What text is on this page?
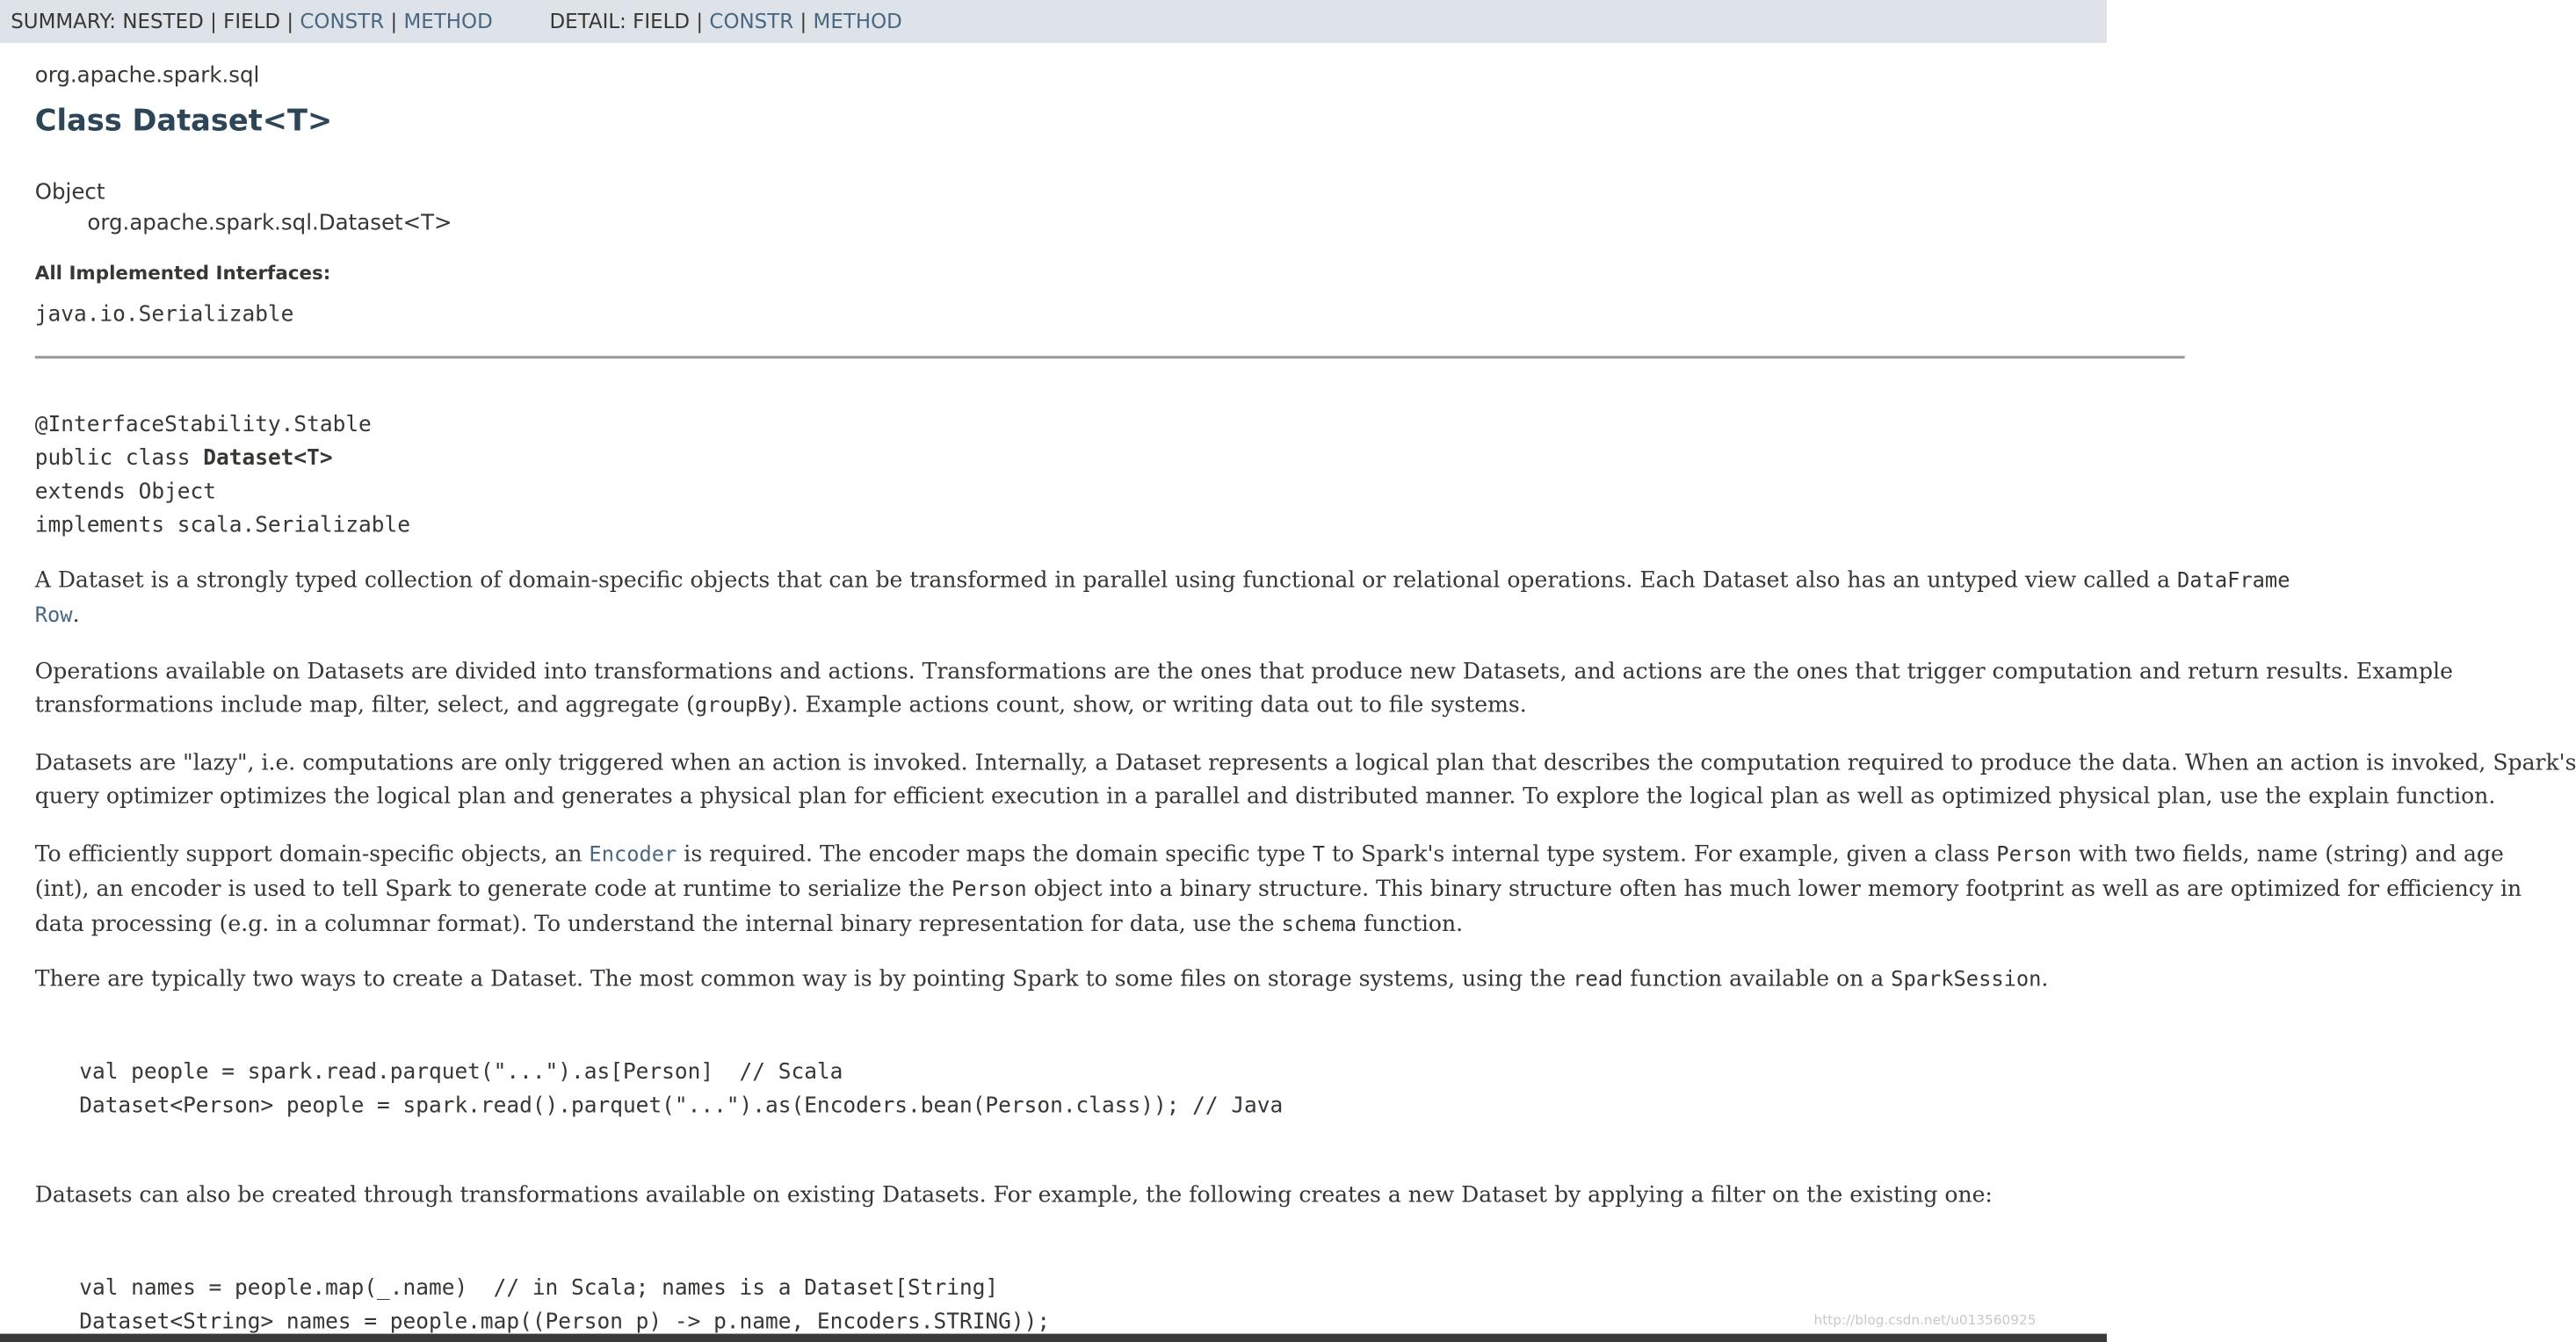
SUMMARY: NESTED | FIELD | CONSTR | METHOD	DETAIL: FIELD | CONSTR | METHOD
org.apache.spark.sql
Class Dataset<T>
Object
org.apache.spark.sql.Dataset<T>
All Implemented Interfaces:
java.io.Serializable
@InterfaceStability.Stable
public class Dataset<T>
extends Object
implements scala.Serializable
A Dataset is a strongly typed collection of domain-specific objects that can be transformed in parallel using functional or relational operations. Each Dataset also has an untyped view called a DataFrame
Row.
Operations available on Datasets are divided into transformations and actions. Transformations are the ones that produce new Datasets, and actions are the ones that trigger computation and return results. Example
transformations include map, filter, select, and aggregate (groupBy). Example actions count, show, or writing data out to file systems.
Datasets are "lazy", i.e. computations are only triggered when an action is invoked. Internally, a Dataset represents a logical plan that describes the computation required to produce the data. When an action is invoked, Spark's
query optimizer optimizes the logical plan and generates a physical plan for efficient execution in a parallel and distributed manner. To explore the logical plan as well as optimized physical plan, use the explain function.
To efficiently support domain-specific objects, an Encoder is required. The encoder maps the domain specific type T to Spark's internal type system. For example, given a class Person with two fields, name (string) and age
(int), an encoder is used to tell Spark to generate code at runtime to serialize the Person object into a binary structure. This binary structure often has much lower memory footprint as well as are optimized for efficiency in
data processing (e.g. in a columnar format). To understand the internal binary representation for data, use the schema function.
There are typically two ways to create a Dataset. The most common way is by pointing Spark to some files on storage systems, using the read function available on a SparkSession.
val people = spark.read.parquet("...").as[Person]  // Scala
Dataset<Person> people = spark.read().parquet("...").as(Encoders.bean(Person.class)); // Java
Datasets can also be created through transformations available on existing Datasets. For example, the following creates a new Dataset by applying a filter on the existing one:
val names = people.map(_.name)  // in Scala; names is a Dataset[String]
Dataset<String> names = people.map((Person p) -> p.name, Encoders.STRING));	http://blog.csdn.net/u013560925
